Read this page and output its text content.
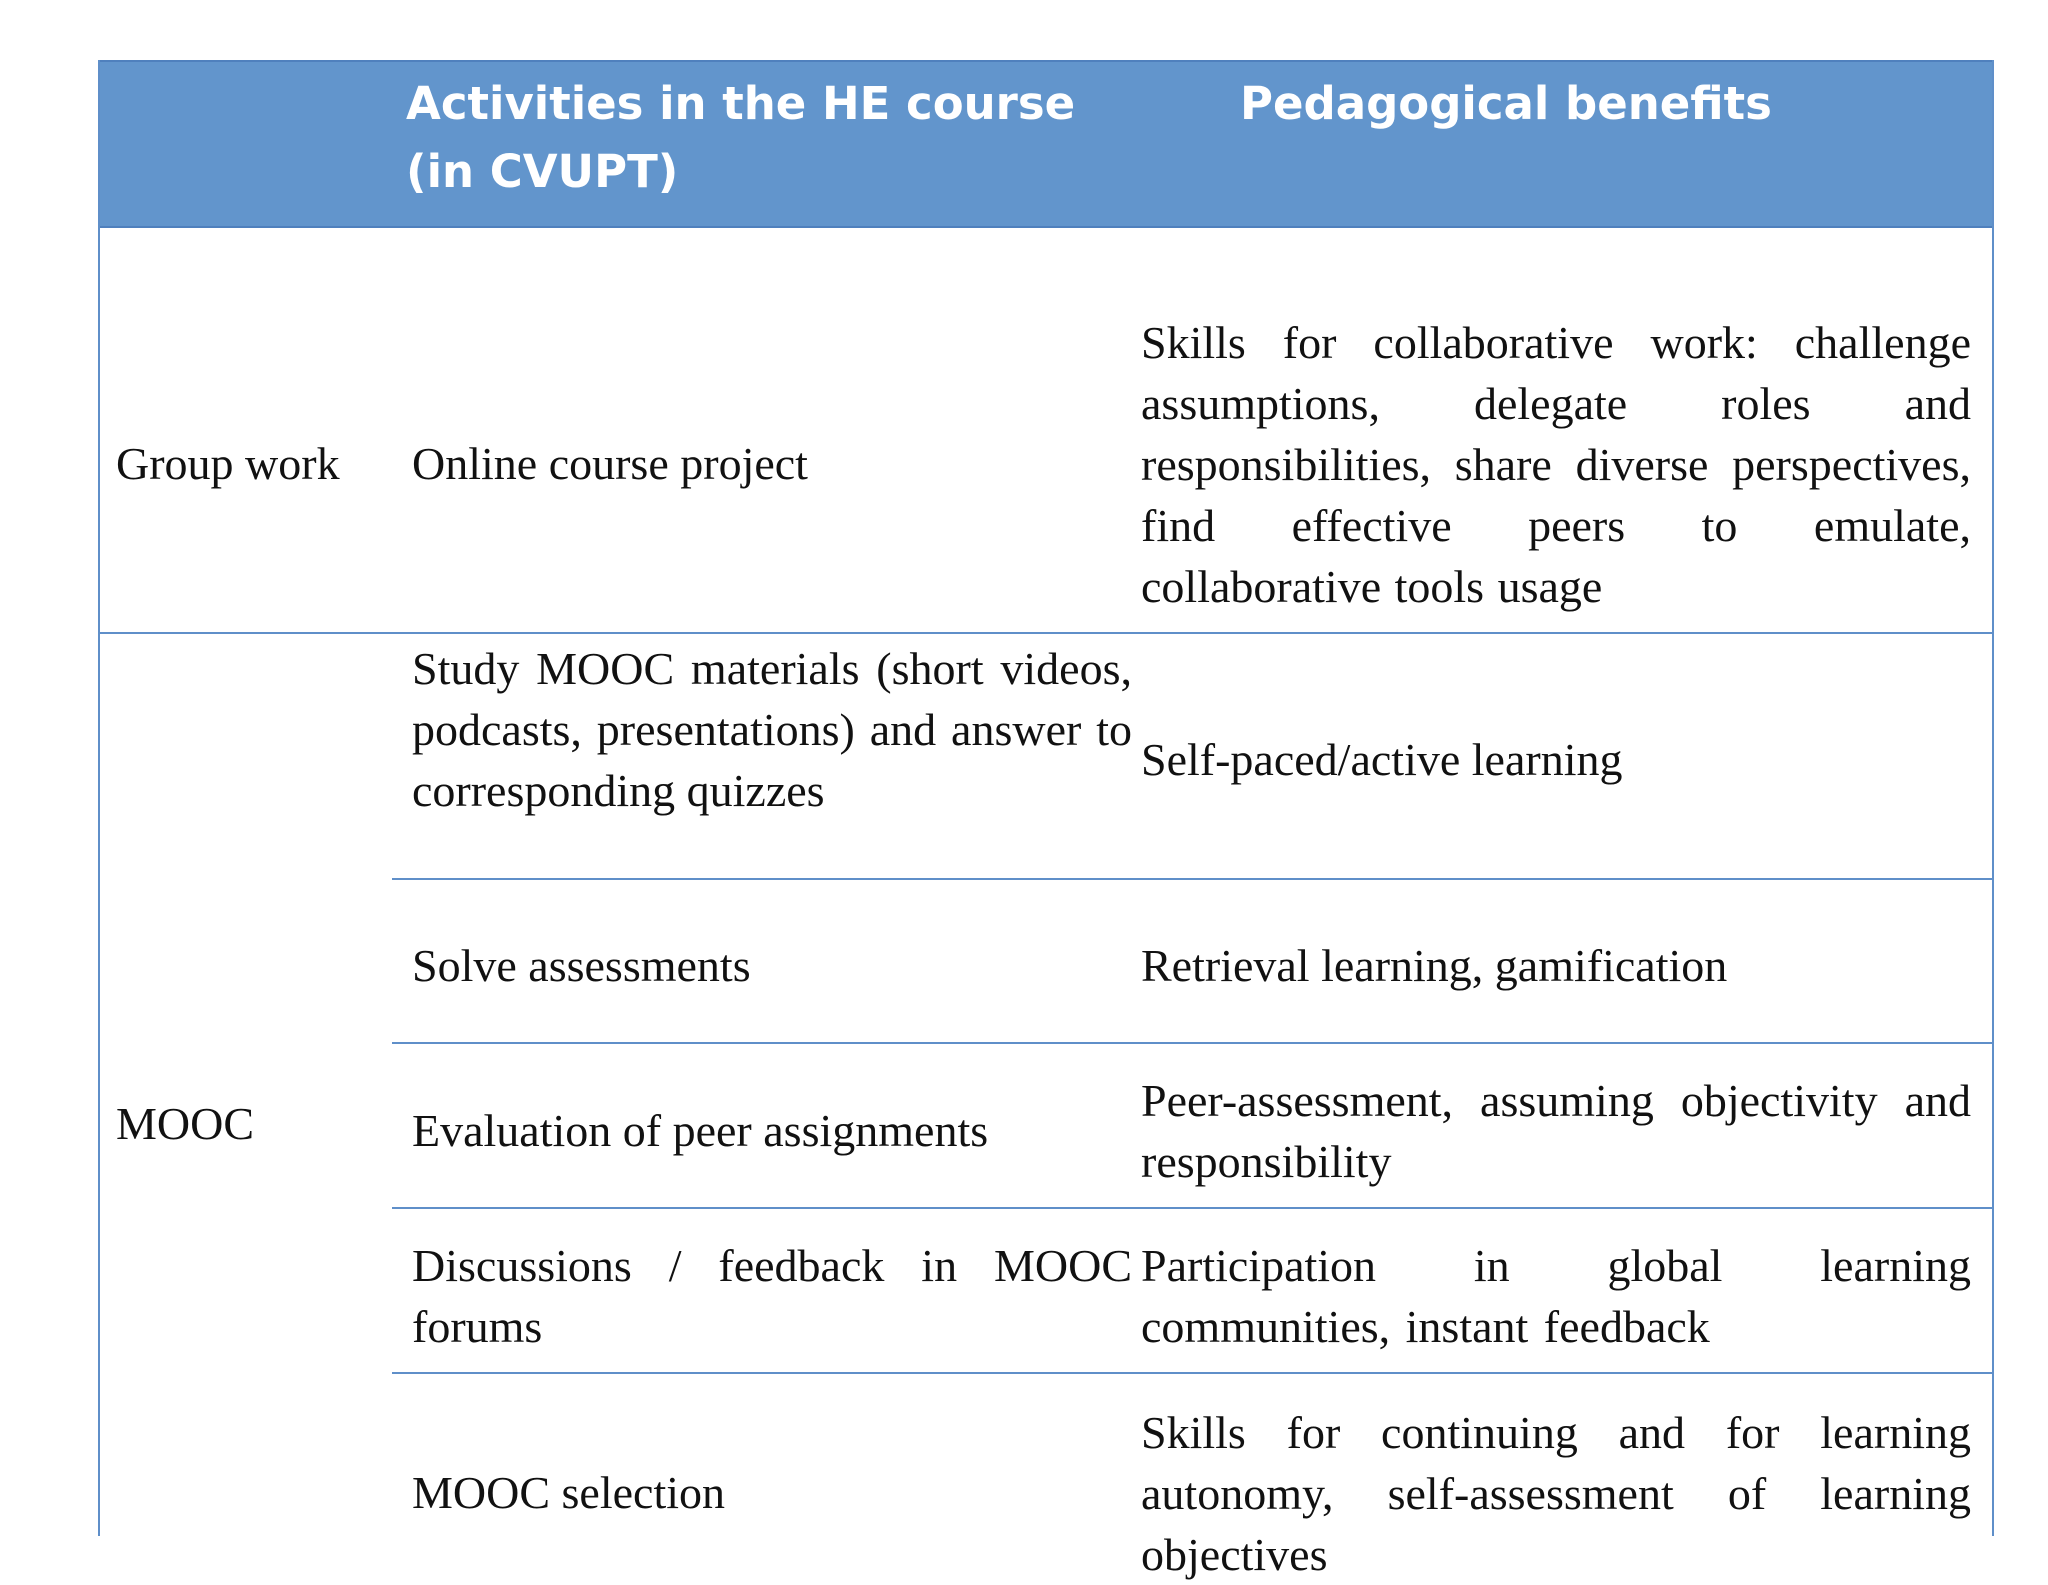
Activities in the HE course (in CVUPT)
Pedagogical benefits
Group work	Online course project
Skills for collaborative work: challenge assumptions, delegate roles and responsibilities, share diverse perspectives, find effective peers to emulate, collaborative tools usage
MOOC
Study MOOC materials (short videos, podcasts, presentations) and answer to corresponding quizzes
Self-paced/active learning
Solve assessments	Retrieval learning, gamification
Evaluation of peer assignments
Peer-assessment, assuming objectivity and responsibility
Discussions / feedback in MOOC forums
Participation in global learning communities, instant feedback
MOOC selection
Skills for continuing and for learning autonomy, self-assessment of learning objectives
